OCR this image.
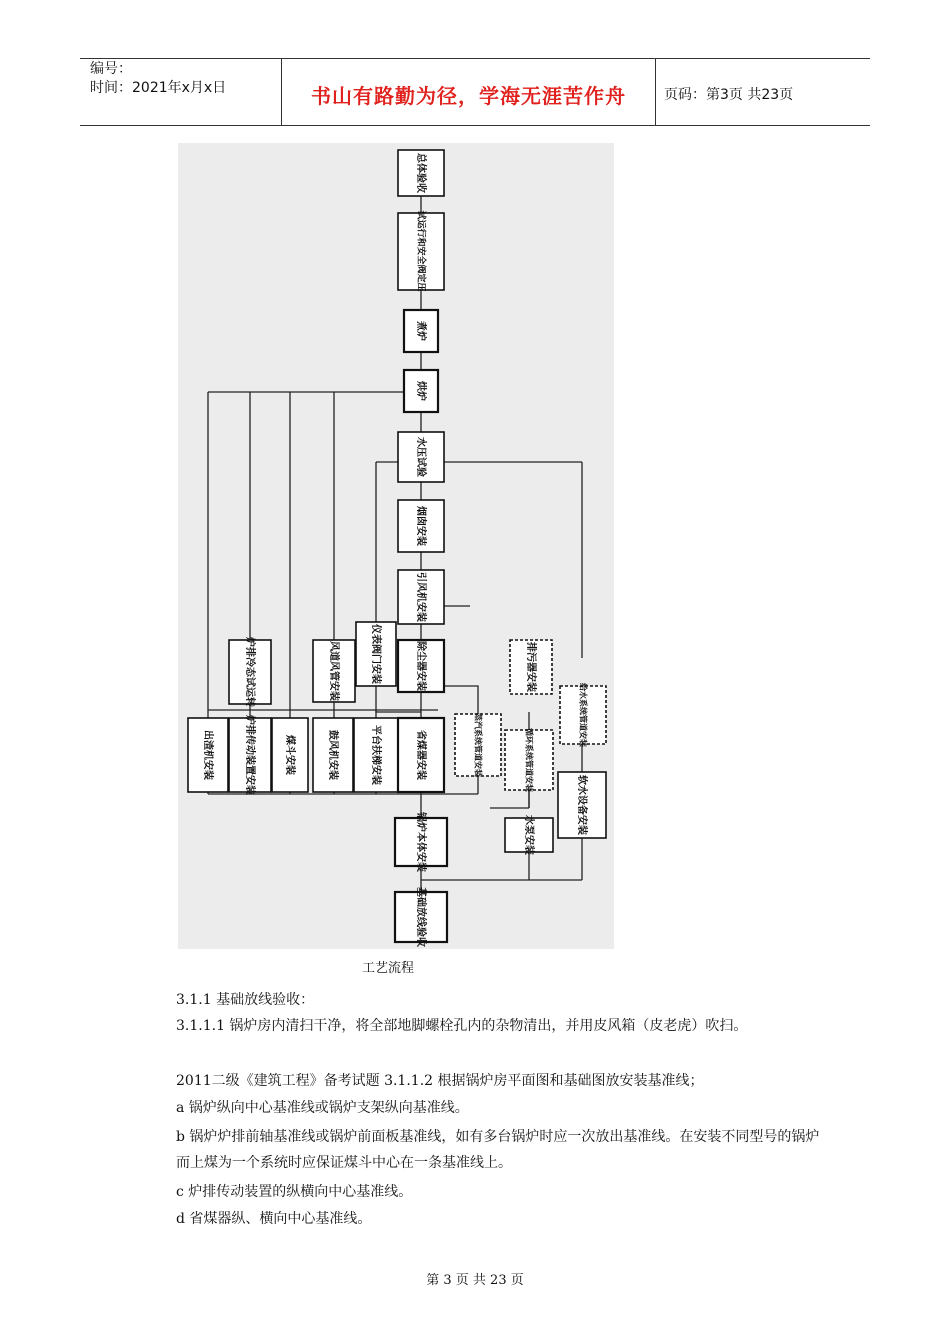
编号：
时间：2021年x月x日	书山有路勤为径，学海无涯苦作舟	页码：第3页 共23页
基础放线验收
锅炉本体安装	水泵安装	软水设备安装
出渣机安装	炉排传动装置安装	煤斗安装	鼓风机安装	平台扶梯安装	省煤器安装	蒸汽系统管道安装	循环系统管道安装
给水系统管道安装
炉排冷态试运转	风道风管安装	仪表阀门安装	除尘器安装	排污器安装
引风机安装
烟囱安装
水压试验
烘炉
煮炉
试运行和安全阀定压
总体验收
工艺流程
3.1.1 基础放线验收：
3.1.1.1 锅炉房内清扫干净，将全部地脚螺栓孔内的杂物清出，并用皮风箱（皮老虎）吹扫。
2011二级《建筑工程》备考试题 3.1.1.2 根据锅炉房平面图和基础图放安装基准线；
a 锅炉纵向中心基准线或锅炉支架纵向基准线。
b 锅炉炉排前轴基准线或锅炉前面板基准线，如有多台锅炉时应一次放出基准线。在安装不同型号的锅炉而上煤为一个系统时应保证煤斗中心在一条基准线上。
c 炉排传动装置的纵横向中心基准线。
d 省煤器纵、横向中心基准线。
第 3 页 共 23 页
